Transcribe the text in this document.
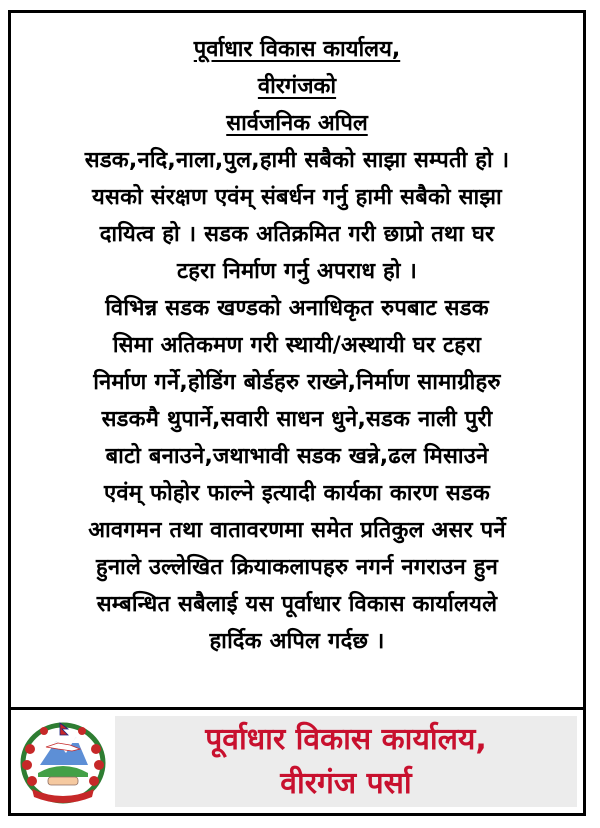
पूर्वाधार विकास कार्यालय,
वीरगंजको
सार्वजनिक अपिल
सडक,नदि,नाला,पुल,हामी सबैको साझा सम्पती हो ।
यसको संरक्षण एवंम् संबर्धन गर्नु हामी सबैको साझा
दायित्व हो । सडक अतिक्रमित गरी छाप्रो तथा घर
टहरा निर्माण गर्नु अपराध हो ।
विभिन्न सडक खण्डको अनाधिकृत रुपबाट सडक
सिमा अतिकमण गरी स्थायी/अस्थायी घर टहरा
निर्माण गर्ने,होडिंग बोर्डहरु राख्ने,निर्माण सामाग्रीहरु
सडकमै थुपार्ने,सवारी साधन धुने,सडक नाली पुरी
बाटो बनाउने,जथाभावी सडक खन्ने,ढल मिसाउने
एवंम् फोहोर फाल्ने इत्यादी कार्यका कारण सडक
आवगमन तथा वातावरणमा समेत प्रतिकुल असर पर्ने
हुनाले उल्लेखित क्रियाकलापहरु नगर्न नगराउन हुन
सम्बन्धित सबैलाई यस पूर्वाधार विकास कार्यालयले
हार्दिक अपिल गर्दछ ।
पूर्वाधार विकास कार्यालय,
वीरगंज पर्सा
